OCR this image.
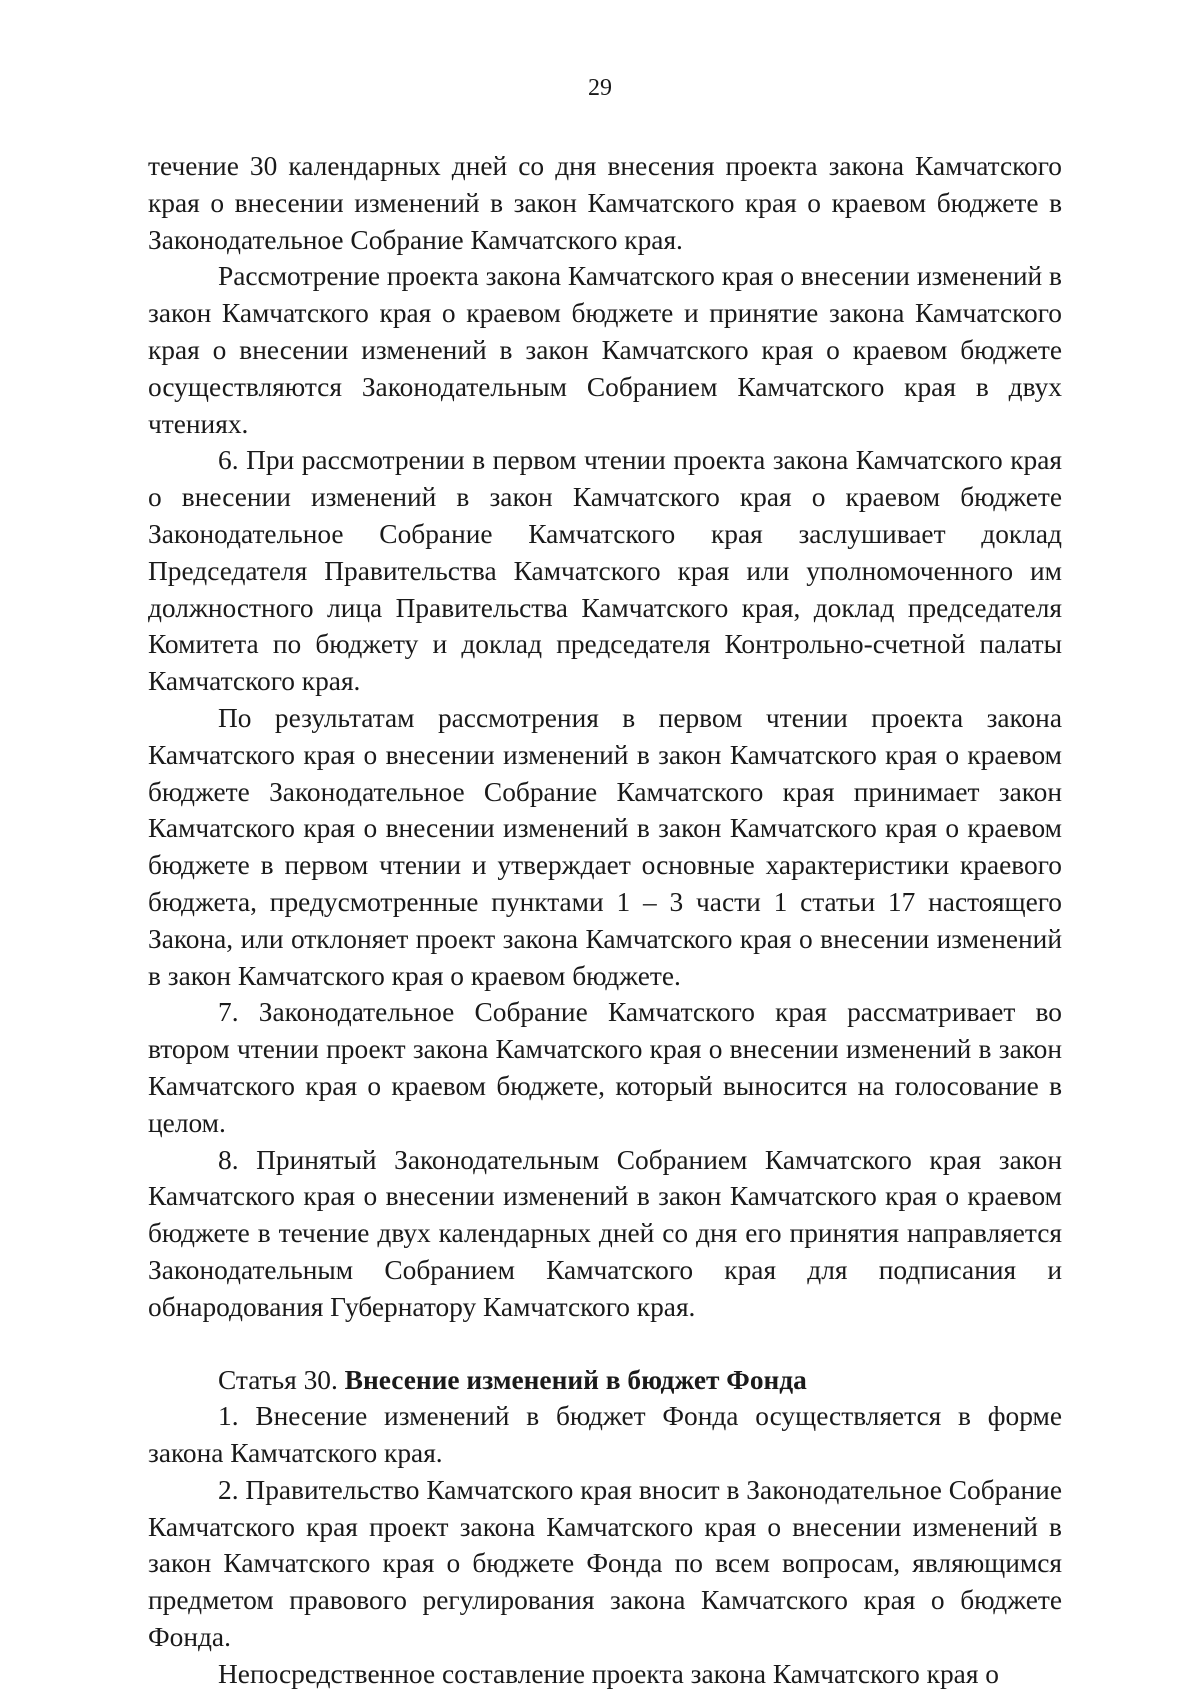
29

течение 30 календарных дней со дня внесения проекта закона Камчатского края о внесении изменений в закон Камчатского края о краевом бюджете в Законодательное Собрание Камчатского края.

Рассмотрение проекта закона Камчатского края о внесении изменений в закон Камчатского края о краевом бюджете и принятие закона Камчатского края о внесении изменений в закон Камчатского края о краевом бюджете осуществляются Законодательным Собранием Камчатского края в двух чтениях.

6. При рассмотрении в первом чтении проекта закона Камчатского края о внесении изменений в закон Камчатского края о краевом бюджете Законодательное Собрание Камчатского края заслушивает доклад Председателя Правительства Камчатского края или уполномоченного им должностного лица Правительства Камчатского края, доклад председателя Комитета по бюджету и доклад председателя Контрольно-счетной палаты Камчатского края.

По результатам рассмотрения в первом чтении проекта закона Камчатского края о внесении изменений в закон Камчатского края о краевом бюджете Законодательное Собрание Камчатского края принимает закон Камчатского края о внесении изменений в закон Камчатского края о краевом бюджете в первом чтении и утверждает основные характеристики краевого бюджета, предусмотренные пунктами 1 – 3 части 1 статьи 17 настоящего Закона, или отклоняет проект закона Камчатского края о внесении изменений в закон Камчатского края о краевом бюджете.

7. Законодательное Собрание Камчатского края рассматривает во втором чтении проект закона Камчатского края о внесении изменений в закон Камчатского края о краевом бюджете, который выносится на голосование в целом.

8. Принятый Законодательным Собранием Камчатского края закон Камчатского края о внесении изменений в закон Камчатского края о краевом бюджете в течение двух календарных дней со дня его принятия направляется Законодательным Собранием Камчатского края для подписания и обнародования Губернатору Камчатского края.

Статья 30. Внесение изменений в бюджет Фонда

1. Внесение изменений в бюджет Фонда осуществляется в форме закона Камчатского края.

2. Правительство Камчатского края вносит в Законодательное Собрание Камчатского края проект закона Камчатского края о внесении изменений в закон Камчатского края о бюджете Фонда по всем вопросам, являющимся предметом правового регулирования закона Камчатского края о бюджете Фонда.

Непосредственное составление проекта закона Камчатского края о
